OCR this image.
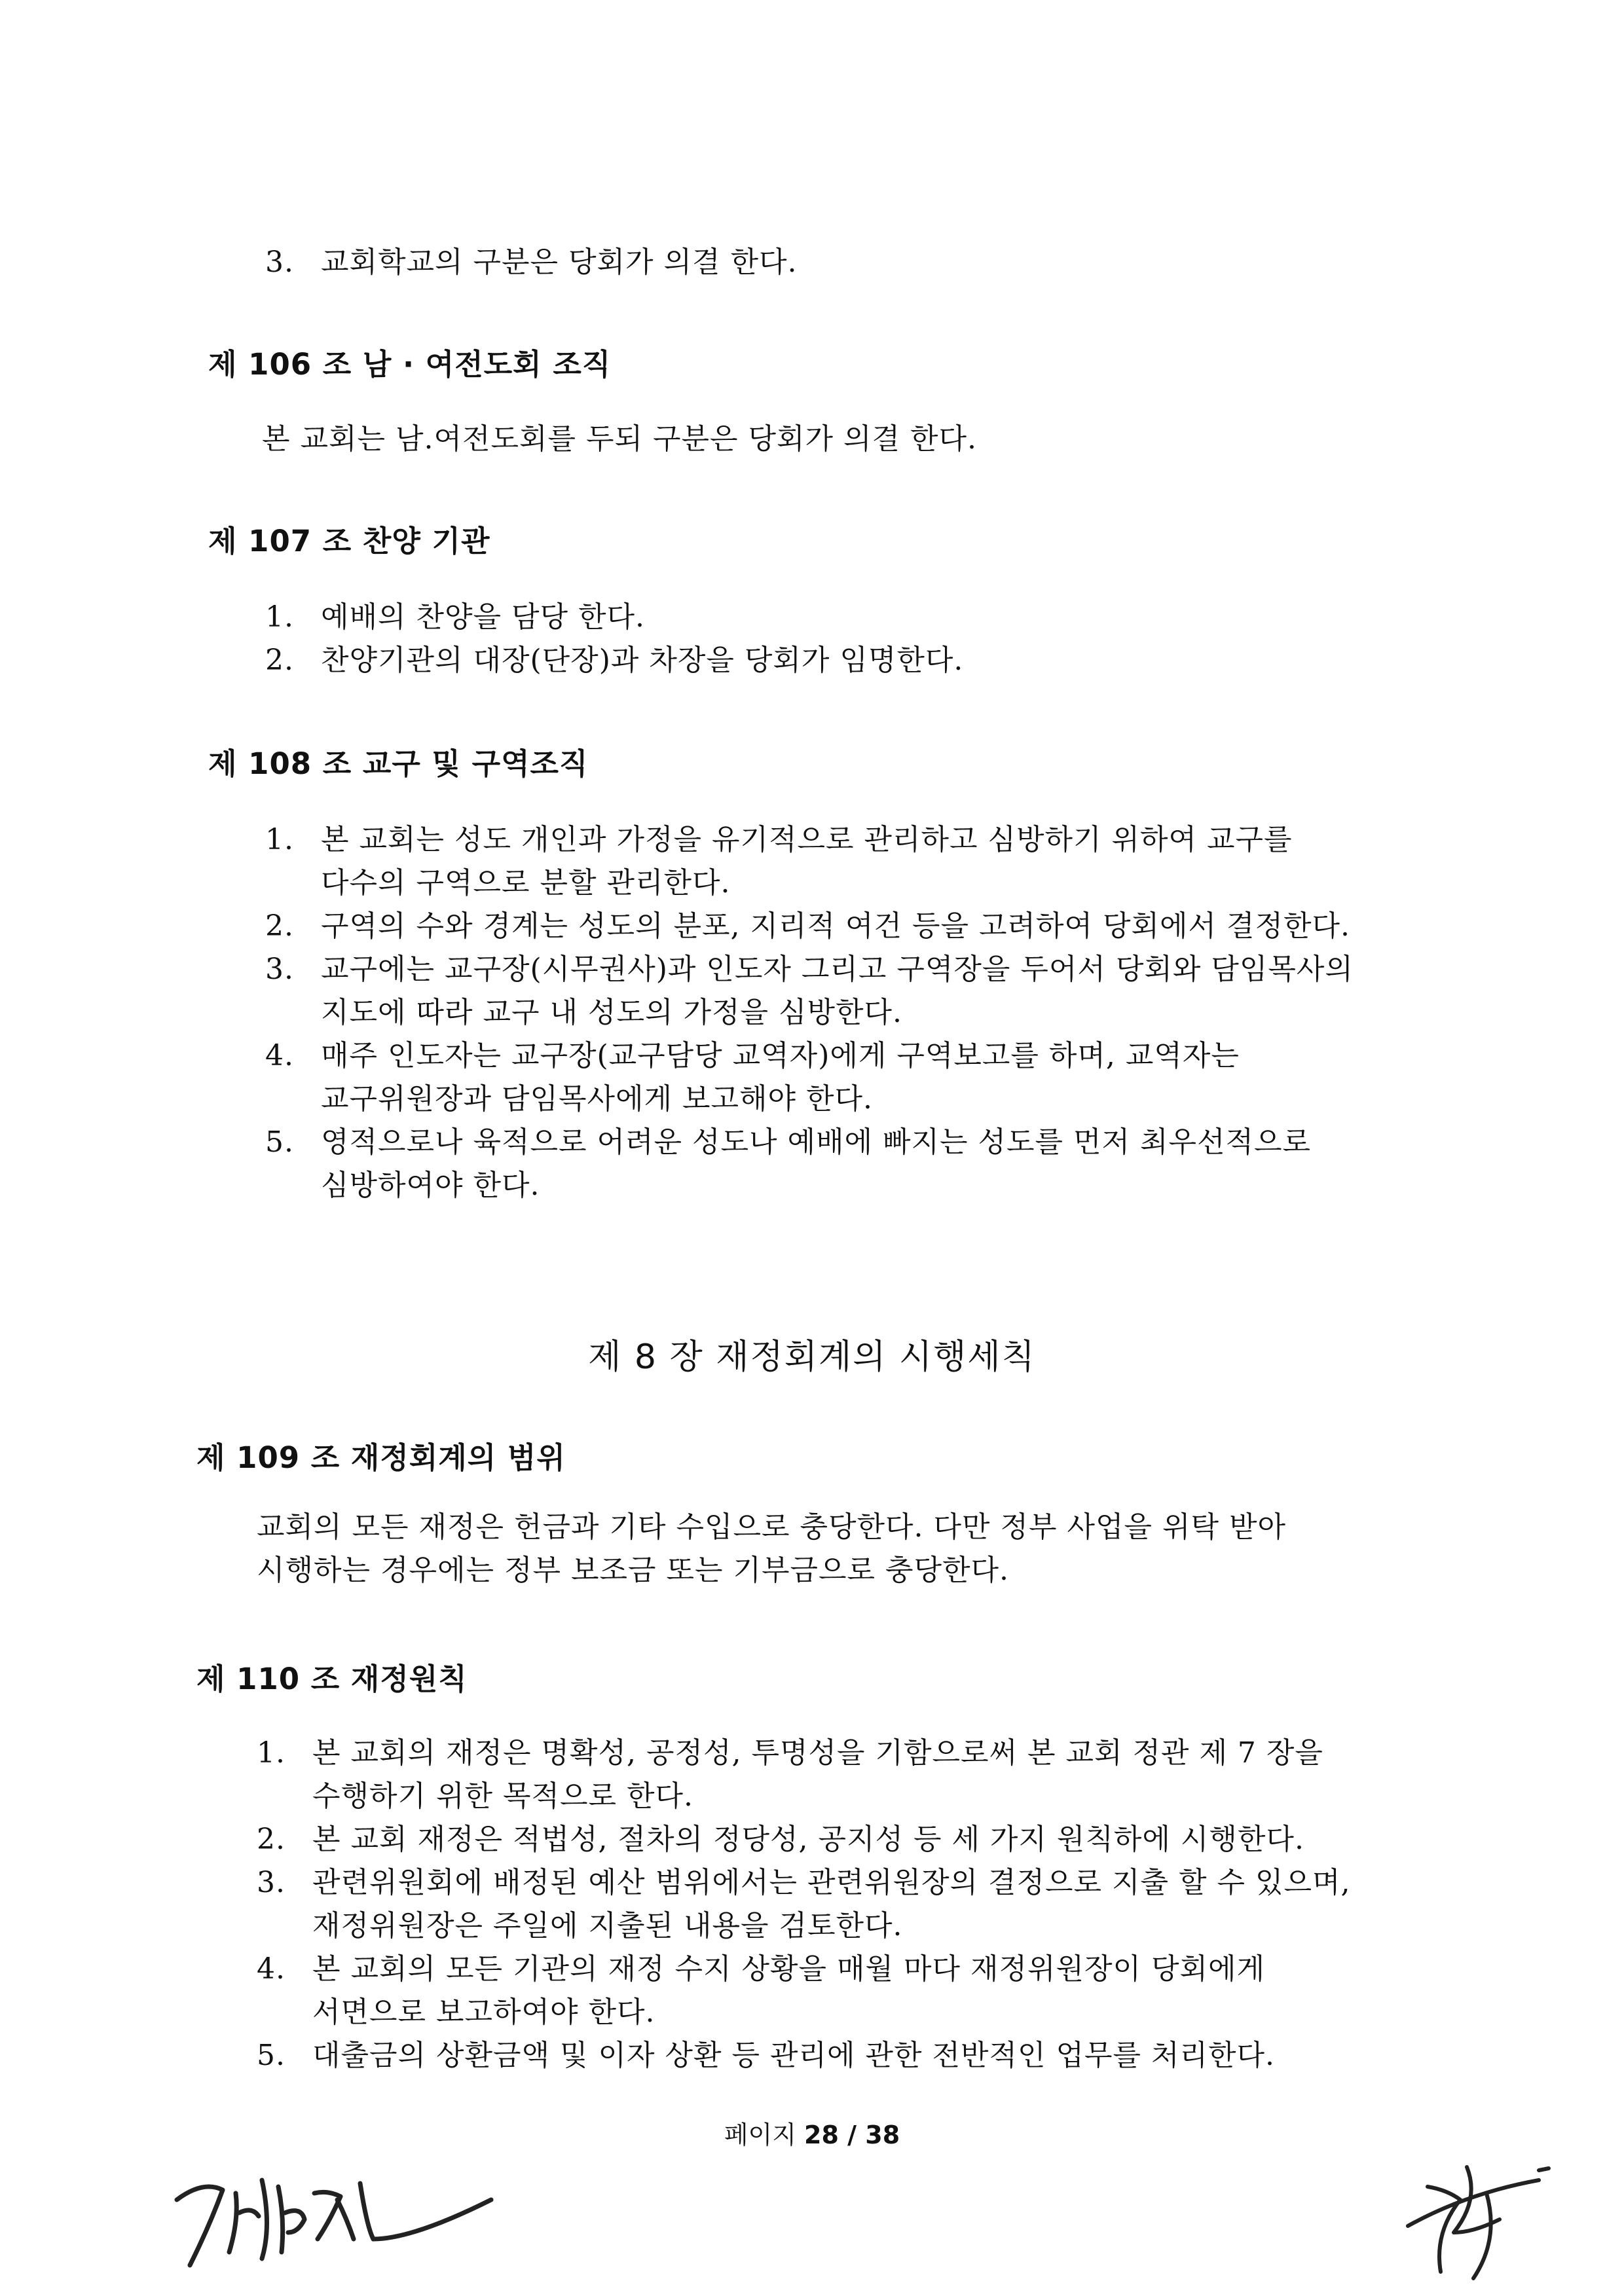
3. 교회학교의 구분은 당회가 의결 한다.
제 106 조 남 · 여전도회 조직
본 교회는 남.여전도회를 두되 구분은 당회가 의결 한다.
제 107 조 찬양 기관
1. 예배의 찬양을 담당 한다.
2. 찬양기관의 대장(단장)과 차장을 당회가 임명한다.
제 108 조 교구 및 구역조직
1. 본 교회는 성도 개인과 가정을 유기적으로 관리하고 심방하기 위하여 교구를
다수의 구역으로 분할 관리한다.
2. 구역의 수와 경계는 성도의 분포, 지리적 여건 등을 고려하여 당회에서 결정한다.
3. 교구에는 교구장(시무권사)과 인도자 그리고 구역장을 두어서 당회와 담임목사의
지도에 따라 교구 내 성도의 가정을 심방한다.
4. 매주 인도자는 교구장(교구담당 교역자)에게 구역보고를 하며, 교역자는
교구위원장과 담임목사에게 보고해야 한다.
5. 영적으로나 육적으로 어려운 성도나 예배에 빠지는 성도를 먼저 최우선적으로
심방하여야 한다.
제 8 장 재정회계의 시행세칙
제 109 조 재정회계의 범위
교회의 모든 재정은 헌금과 기타 수입으로 충당한다. 다만 정부 사업을 위탁 받아
시행하는 경우에는 정부 보조금 또는 기부금으로 충당한다.
제 110 조 재정원칙
1. 본 교회의 재정은 명확성, 공정성, 투명성을 기함으로써 본 교회 정관 제 7 장을
수행하기 위한 목적으로 한다.
2. 본 교회 재정은 적법성, 절차의 정당성, 공지성 등 세 가지 원칙하에 시행한다.
3. 관련위원회에 배정된 예산 범위에서는 관련위원장의 결정으로 지출 할 수 있으며,
재정위원장은 주일에 지출된 내용을 검토한다.
4. 본 교회의 모든 기관의 재정 수지 상황을 매월 마다 재정위원장이 당회에게
서면으로 보고하여야 한다.
5. 대출금의 상환금액 및 이자 상환 등 관리에 관한 전반적인 업무를 처리한다.
페이지 28 / 38
